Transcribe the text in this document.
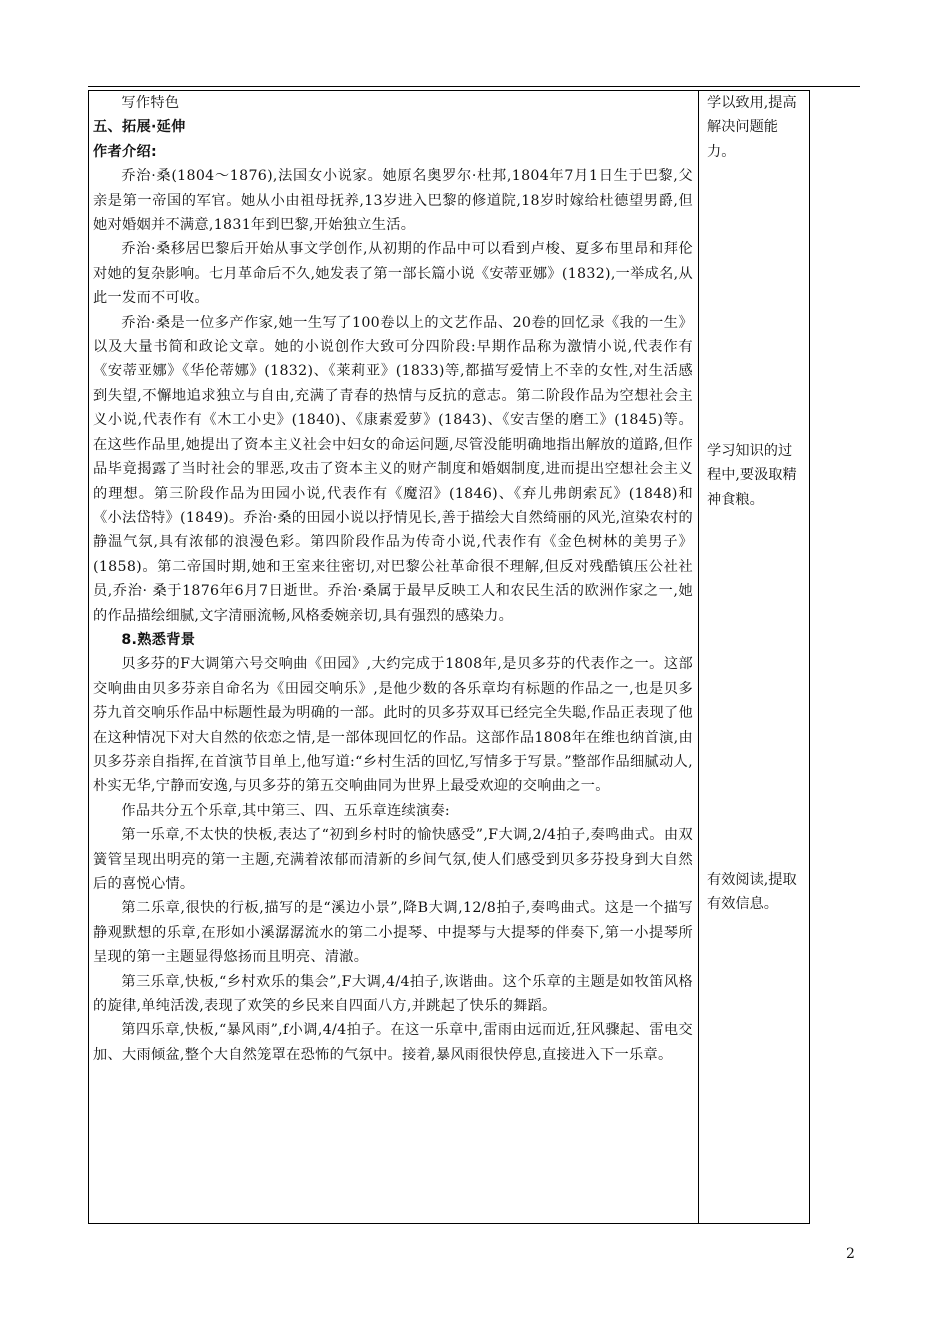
写作特色

五、拓展·延伸

作者介绍:

乔治·桑(1804～1876),法国女小说家。她原名奥罗尔·杜邦,1804年7月1日生于巴黎,父亲是第一帝国的军官。她从小由祖母抚养,13岁进入巴黎的修道院,18岁时嫁给杜德望男爵,但她对婚姻并不满意,1831年到巴黎,开始独立生活。

乔治·桑移居巴黎后开始从事文学创作,从初期的作品中可以看到卢梭、夏多布里昂和拜伦对她的复杂影响。七月革命后不久,她发表了第一部长篇小说《安蒂亚娜》(1832),一举成名,从此一发而不可收。

乔治·桑是一位多产作家,她一生写了100卷以上的文艺作品、20卷的回忆录《我的一生》以及大量书简和政论文章。她的小说创作大致可分四阶段:早期作品称为激情小说,代表作有《安蒂亚娜》《华伦蒂娜》(1832)、《莱莉亚》(1833)等,都描写爱情上不幸的女性,对生活感到失望,不懈地追求独立与自由,充满了青春的热情与反抗的意志。第二阶段作品为空想社会主义小说,代表作有《木工小史》(1840)、《康素爱萝》(1843)、《安吉堡的磨工》(1845)等。在这些作品里,她提出了资本主义社会中妇女的命运问题,尽管没能明确地指出解放的道路,但作品毕竟揭露了当时社会的罪恶,攻击了资本主义的财产制度和婚姻制度,进而提出空想社会主义的理想。第三阶段作品为田园小说,代表作有《魔沼》(1846)、《弃儿弗朗索瓦》(1848)和《小法岱特》(1849)。乔治·桑的田园小说以抒情见长,善于描绘大自然绮丽的风光,渲染农村的静温气氛,具有浓郁的浪漫色彩。第四阶段作品为传奇小说,代表作有《金色树林的美男子》(1858)。第二帝国时期,她和王室来往密切,对巴黎公社革命很不理解,但反对残酷镇压公社社员,乔治· 桑于1876年6月7日逝世。乔治·桑属于最早反映工人和农民生活的欧洲作家之一,她的作品描绘细腻,文字清丽流畅,风格委婉亲切,具有强烈的感染力。

8.熟悉背景

贝多芬的F大调第六号交响曲《田园》,大约完成于1808年,是贝多芬的代表作之一。这部交响曲由贝多芬亲自命名为《田园交响乐》,是他少数的各乐章均有标题的作品之一,也是贝多芬九首交响乐作品中标题性最为明确的一部。此时的贝多芬双耳已经完全失聪,作品正表现了他在这种情况下对大自然的依恋之情,是一部体现回忆的作品。这部作品1808年在维也纳首演,由贝多芬亲自指挥,在首演节目单上,他写道:“乡村生活的回忆,写情多于写景。”整部作品细腻动人,朴实无华,宁静而安逸,与贝多芬的第五交响曲同为世界上最受欢迎的交响曲之一。

作品共分五个乐章,其中第三、四、五乐章连续演奏:

第一乐章,不太快的快板,表达了“初到乡村时的愉快感受”,F大调,2/4拍子,奏鸣曲式。由双簧管呈现出明亮的第一主题,充满着浓郁而清新的乡间气氛,使人们感受到贝多芬投身到大自然后的喜悦心情。

第二乐章,很快的行板,描写的是“溪边小景”,降B大调,12/8拍子,奏鸣曲式。这是一个描写静观默想的乐章,在形如小溪潺潺流水的第二小提琴、中提琴与大提琴的伴奏下,第一小提琴所呈现的第一主题显得悠扬而且明亮、清澈。

第三乐章,快板,“乡村欢乐的集会”,F大调,4/4拍子,诙谐曲。这个乐章的主题是如牧笛风格的旋律,单纯活泼,表现了欢笑的乡民来自四面八方,并跳起了快乐的舞蹈。

第四乐章,快板,“暴风雨”,f小调,4/4拍子。在这一乐章中,雷雨由远而近,狂风骤起、雷电交加、大雨倾盆,整个大自然笼罩在恐怖的气氛中。接着,暴风雨很快停息,直接进入下一乐章。

学以致用,提高解决问题能力。

学习知识的过程中,要汲取精神食粮。

有效阅读,提取有效信息。

2
